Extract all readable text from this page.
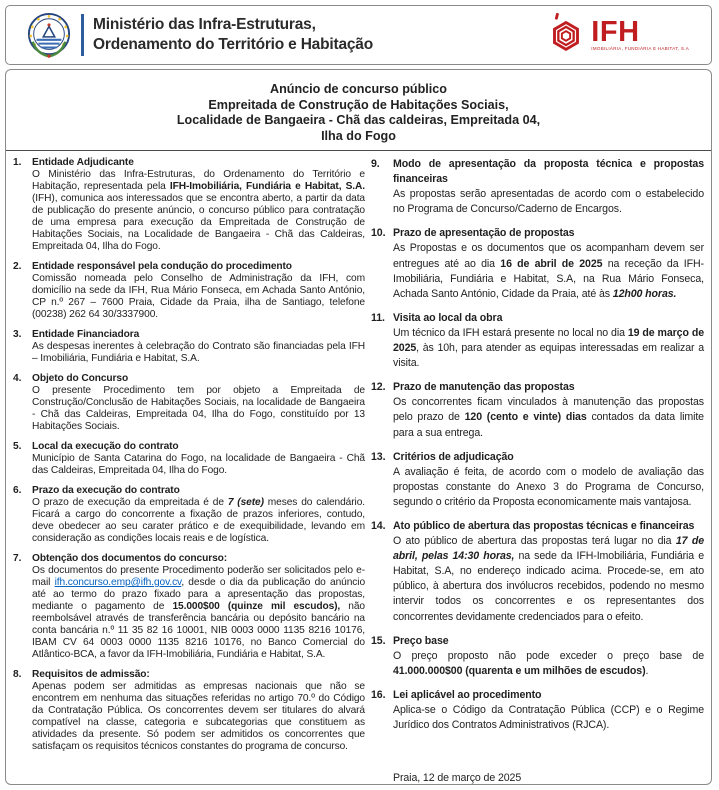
Ministério das Infra-Estruturas,
Ordenamento do Território e Habitação	IFH
IMOBILIÁRIA, FUNDIÁRIA E HABITAT, S.A
Anúncio de concurso público
Empreitada de Construção de Habitações Sociais,
Localidade de Bangaeira - Chã das caldeiras, Empreitada 04,
Ilha do Fogo
1.	Entidade Adjudicante
O Ministério das Infra-Estruturas, do Ordenamento do Território e Habitação, representada pela IFH-Imobiliária, Fundiária e Habitat, S.A. (IFH), comunica aos interessados que se encontra aberto, a partir da data de publicação do presente anúncio, o concurso público para contratação de uma empresa para execução da Empreitada de Construção de Habitações Sociais, na Localidade de Bangaeira - Chã das Caldeiras, Empreitada 04, Ilha do Fogo.
2.	Entidade responsável pela condução do procedimento
Comissão nomeada pelo Conselho de Administração da IFH, com domicílio na sede da IFH, Rua Mário Fonseca, em Achada Santo António, CP n.º 267 – 7600 Praia, Cidade da Praia, ilha de Santiago, telefone (00238) 262 64 30/3337900.
3.	Entidade Financiadora
As despesas inerentes à celebração do Contrato são financiadas pela IFH – Imobiliária, Fundiária e Habitat, S.A.
4.	Objeto do Concurso
O presente Procedimento tem por objeto a Empreitada de Construção/Conclusão de Habitações Sociais, na localidade de Bangaeira - Chã das Caldeiras, Empreitada 04, Ilha do Fogo, constituído por 13 Habitações Sociais.
5.	Local da execução do contrato
Município de Santa Catarina do Fogo, na localidade de Bangaeira - Chã das Caldeiras, Empreitada 04, Ilha do Fogo.
6.	Prazo da execução do contrato
O prazo de execução da empreitada é de 7 (sete) meses do calendário. Ficará a cargo do concorrente a fixação de prazos inferiores, contudo, deve obedecer ao seu carater prático e de exequibilidade, levando em consideração as condições locais reais e de logística.
7.	Obtenção dos documentos do concurso:
Os documentos do presente Procedimento poderão ser solicitados pelo e-mail ifh.concurso.emp@ifh.gov.cv, desde o dia da publicação do anúncio até ao termo do prazo fixado para a apresentação das propostas, mediante o pagamento de 15.000$00 (quinze mil escudos), não reembolsável através de transferência bancária ou depósito bancário na conta bancária n.º 11 35 82 16 10001, NIB 0003 0000 1135 8216 10176, IBAM CV 64 0003 0000 1135 8216 10176, no Banco Comercial do Atlântico-BCA, a favor da IFH-Imobiliária, Fundiária e Habitat, S.A.
8.	Requisitos de admissão:
Apenas podem ser admitidas as empresas nacionais que não se encontrem em nenhuma das situações referidas no artigo 70.º do Código da Contratação Pública. Os concorrentes devem ser titulares do alvará compatível na classe, categoria e subcategorias que constituem as atividades da presente. Só podem ser admitidos os concorrentes que satisfaçam os requisitos técnicos constantes do programa de concurso.
9.	Modo de apresentação da proposta técnica e propostas financeiras
As propostas serão apresentadas de acordo com o estabelecido no Programa de Concurso/Caderno de Encargos.
10. Prazo de apresentação de propostas
As Propostas e os documentos que os acompanham devem ser entregues até ao dia 16 de abril de 2025 na receção da IFH-Imobiliária, Fundiária e Habitat, S.A, na Rua Mário Fonseca, Achada Santo António, Cidade da Praia, até às 12h00 horas.
11. Visita ao local da obra
Um técnico da IFH estará presente no local no dia 19 de março de 2025, às 10h, para atender as equipas interessadas em realizar a visita.
12. Prazo de manutenção das propostas
Os concorrentes ficam vinculados à manutenção das propostas pelo prazo de 120 (cento e vinte) dias contados da data limite para a sua entrega.
13. Critérios de adjudicação
A avaliação é feita, de acordo com o modelo de avaliação das propostas constante do Anexo 3 do Programa de Concurso, segundo o critério da Proposta economicamente mais vantajosa.
14. Ato público de abertura das propostas técnicas e financeiras
O ato público de abertura das propostas terá lugar no dia 17 de abril, pelas 14:30 horas, na sede da IFH-Imobiliária, Fundiária e Habitat, S.A, no endereço indicado acima. Procede-se, em ato público, à abertura dos invólucros recebidos, podendo no mesmo intervir todos os concorrentes e os representantes dos concorrentes devidamente credenciados para o efeito.
15. Preço base
O preço proposto não pode exceder o preço base de 41.000.000$00 (quarenta e um milhões de escudos).
16. Lei aplicável ao procedimento
Aplica-se o Código da Contratação Pública (CCP) e o Regime Jurídico dos Contratos Administrativos (RJCA).
Praia, 12 de março de 2025
